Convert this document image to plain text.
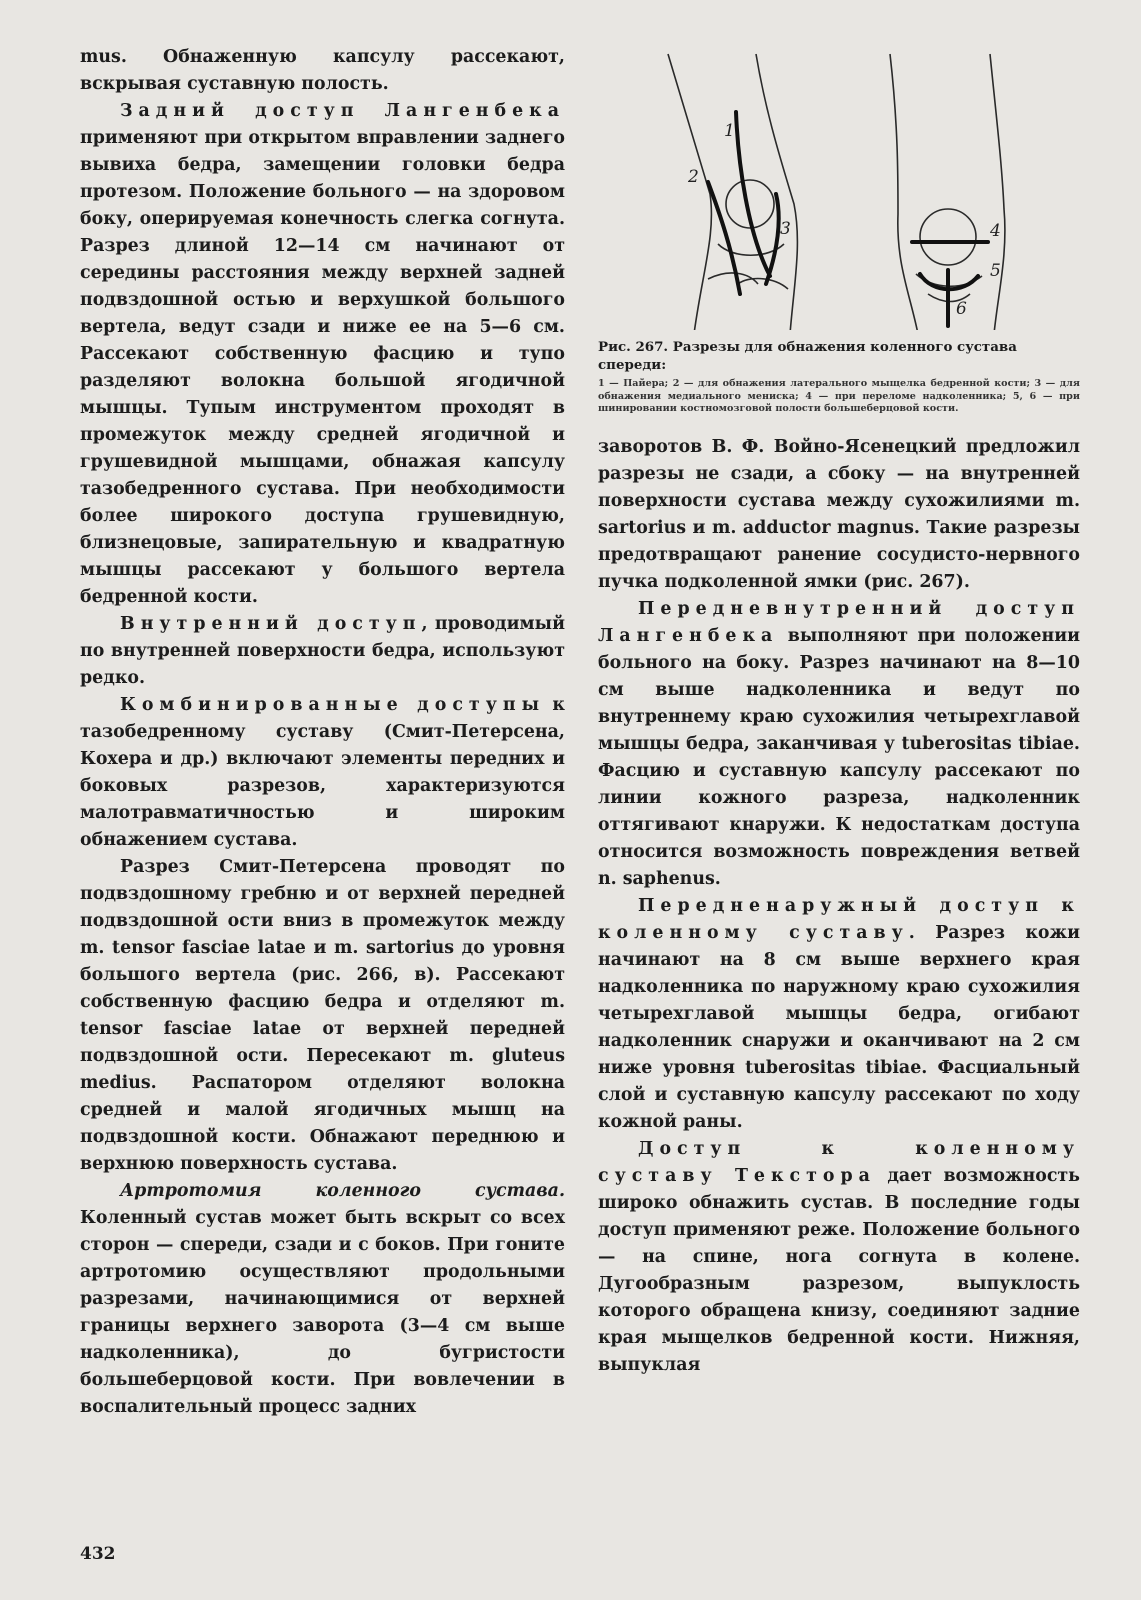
mus. Обнаженную капсулу рассекают, вскрывая суставную полость.

Задний доступ Лангенбека применяют при открытом вправлении заднего вывиха бедра, замещении головки бедра протезом. Положение больного — на здоровом боку, оперируемая конечность слегка согнута. Разрез длиной 12—14 см начинают от середины расстояния между верхней задней подвздошной остью и верхушкой большого вертела, ведут сзади и ниже ее на 5—6 см. Рассекают собственную фасцию и тупо разделяют волокна большой ягодичной мышцы. Тупым инструментом проходят в промежуток между средней ягодичной и грушевидной мышцами, обнажая капсулу тазобедренного сустава. При необходимости более широкого доступа грушевидную, близнецовые, запирательную и квадратную мышцы рассекают у большого вертела бедренной кости.

Внутренний доступ, проводимый по внутренней поверхности бедра, используют редко.

Комбинированные доступы к тазобедренному суставу (Смит-Петерсена, Кохера и др.) включают элементы передних и боковых разрезов, характеризуются малотравматичностью и широким обнажением сустава.

Разрез Смит-Петерсена проводят по подвздошному гребню и от верхней передней подвздошной ости вниз в промежуток между m. tensor fasciae latae и m. sartorius до уровня большого вертела (рис. 266, в). Рассекают собственную фасцию бедра и отделяют m. tensor fasciae latae от верхней передней подвздошной ости. Пересекают m. gluteus medius. Распатором отделяют волокна средней и малой ягодичных мышц на подвздошной кости. Обнажают переднюю и верхнюю поверхность сустава.

Артротомия коленного сустава. Коленный сустав может быть вскрыт со всех сторон — спереди, сзади и с боков. При гоните артротомию осуществляют продольными разрезами, начинающимися от верхней границы верхнего заворота (3—4 см выше надколенника), до бугристости большеберцовой кости. При вовлечении в воспалительный процесс задних

1
2
3	4
5
6

Рис. 267. Разрезы для обнажения коленного сустава спереди:

1 — Пайера; 2 — для обнажения латерального мыщелка бедренной кости; 3 — для обнажения медиального мениска; 4 — при переломе надколенника; 5, 6 — при шинировании костномозговой полости большеберцовой кости.

заворотов В. Ф. Войно-Ясенецкий предложил разрезы не сзади, а сбоку — на внутренней поверхности сустава между сухожилиями m. sartorius и m. adductor magnus. Такие разрезы предотвращают ранение сосудисто-нервного пучка подколенной ямки (рис. 267).

Передневнутренний доступ Лангенбека выполняют при положении больного на боку. Разрез начинают на 8—10 см выше надколенника и ведут по внутреннему краю сухожилия четырехглавой мышцы бедра, заканчивая у tuberositas tibiae. Фасцию и суставную капсулу рассекают по линии кожного разреза, надколенник оттягивают кнаружи. К недостаткам доступа относится возможность повреждения ветвей n. saphenus.

Передненаружный доступ к коленному суставу. Разрез кожи начинают на 8 см выше верхнего края надколенника по наружному краю сухожилия четырехглавой мышцы бедра, огибают надколенник снаружи и оканчивают на 2 см ниже уровня tuberositas tibiae. Фасциальный слой и суставную капсулу рассекают по ходу кожной раны.

Доступ к коленному суставу Текстора дает возможность широко обнажить сустав. В последние годы доступ применяют реже. Положение больного — на спине, нога согнута в колене. Дугообразным разрезом, выпуклость которого обращена книзу, соединяют задние края мыщелков бедренной кости. Нижняя, выпуклая

432
